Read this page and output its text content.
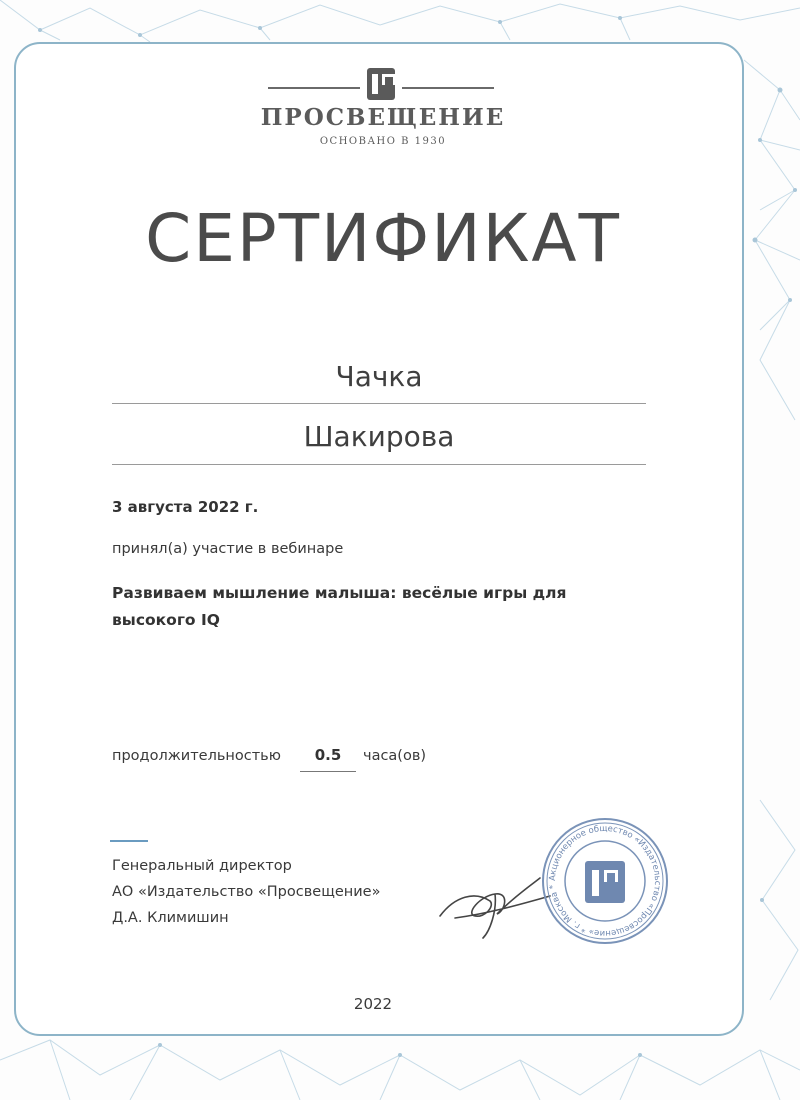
ПРОСВЕЩЕНИЕ
ОСНОВАНО В 1930
СЕРТИФИКАТ
Чачка
Шакирова
3 августа 2022 г.
принял(а) участие в вебинаре
Развиваем мышление малыша: весёлые игры для
высокого IQ
продолжительностью	0.5	часа(ов)
Генеральный директор
АО «Издательство «Просвещение»
Д.А. Климишин
Акционерное общество «Издательство «Просвещение» * г. Москва *
2022
